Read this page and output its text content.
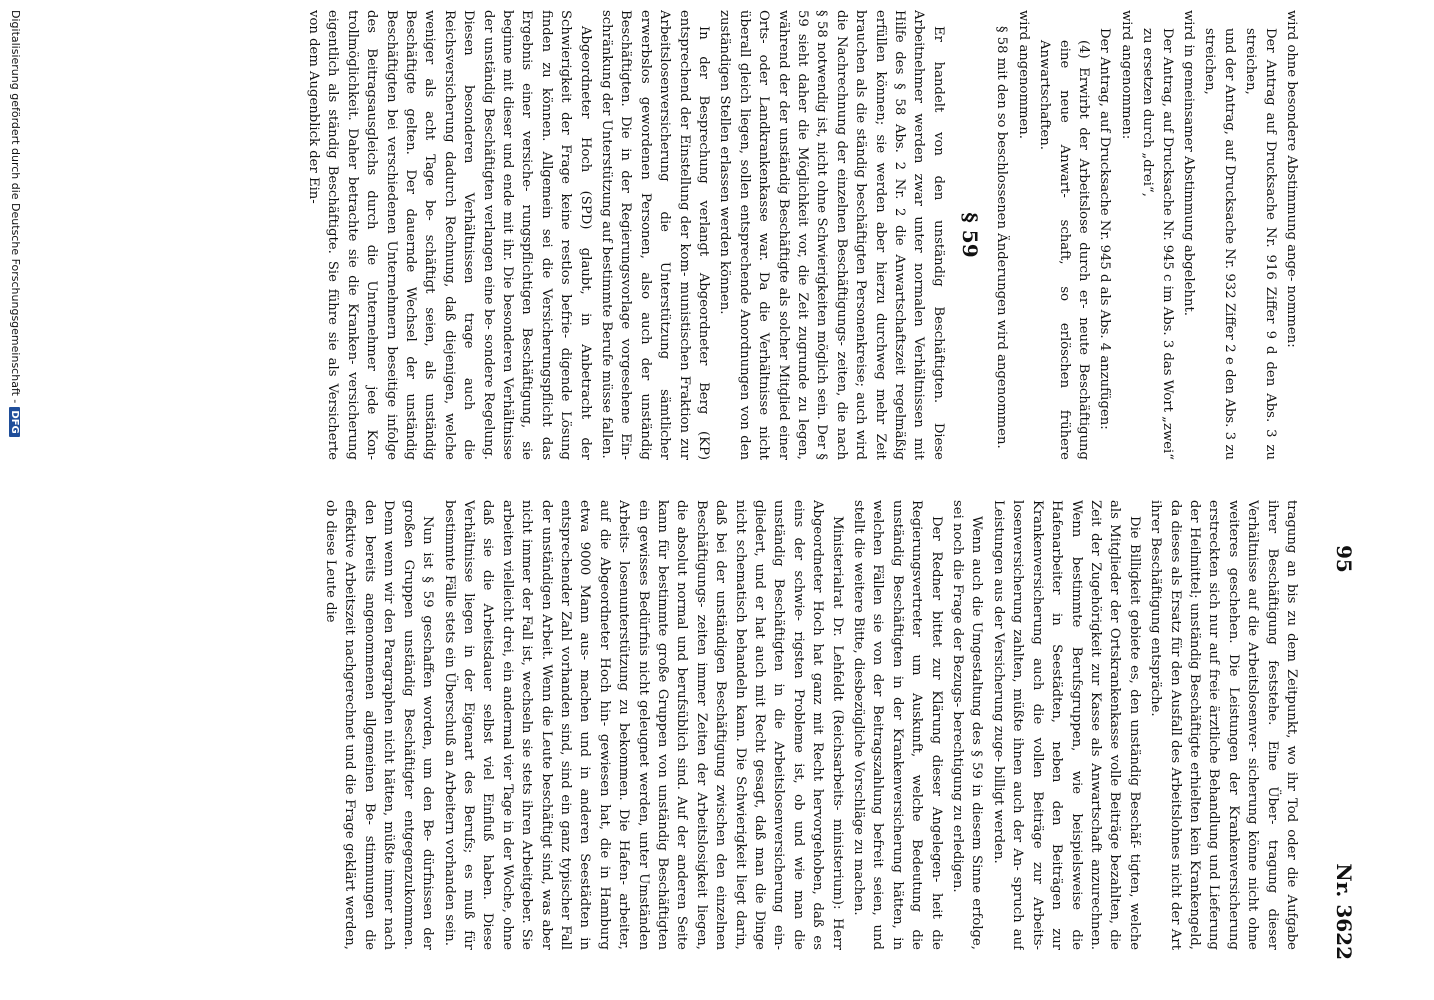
95
Nr. 3622

wird ohne besondere Abstimmung ange- nommen:

Der Antrag auf Drucksache Nr. 916 Ziffer 9 d den Abs. 3 zu streichen,

und der Antrag, auf Drucksache Nr. 932 Ziffer 2 e den Abs. 3 zu streichen,

wird in gemeinsamer Abstimmung abgelehnt.

Der Antrag, auf Drucksache Nr. 945 c im Abs. 3 das Wort „zwei“ zu ersetzen durch „drei“,

wird angenommen:

Der Antrag, auf Drucksache Nr. 945 d als Abs. 4 anzufügen:

(4) Erwirbt der Arbeitslose durch er- neute Beschäftigung eine neue Anwart- schaft, so erlöschen frühere Anwartschaften.

wird angenommen.

§ 58 mit den so beschlossenen Änderungen wird angenommen.

§ 59

Er handelt von den unständig Beschäftigten. Diese Arbeitnehmer werden zwar unter normalen Verhältnissen mit Hilfe des § 58 Abs. 2 Nr. 2 die Anwartschaftszeit regelmäßig erfüllen können; sie werden aber hierzu durchweg mehr Zeit brauchen als die ständig beschäftigten Personenkreise; auch wird die Nachrechnung der einzelnen Beschäftigungs- zeiten, die nach § 58 notwendig ist, nicht ohne Schwierigkeiten möglich sein. Der § 59 sieht daher die Möglichkeit vor, die Zeit zugrunde zu legen, während der der unständig Beschäftigte als solcher Mitglied einer Orts- oder Landkrankenkasse war. Da die Verhältnisse nicht überall gleich liegen, sollen entsprechende Anordnungen von den zuständigen Stellen erlassen werden können.

In der Besprechung verlangt Abgeordneter Berg (KP) entsprechend der Einstellung der kom- munistischen Fraktion zur Arbeitslosenversicherung die Unterstützung sämtlicher erwerbslos gewordenen Personen, also auch der unständig Beschäftigten. Die in der Regierungsvorlage vorgesehene Ein- schränkung der Unterstützung auf bestimmte Berufe müsse fallen.

Abgeordneter Hoch (SPD) glaubt, in Anbetracht der Schwierigkeit der Frage keine restlos befrie- digende Lösung finden zu können. Allgemein sei die Versicherungspflicht das Ergebnis einer versiche- rungspflichtigen Beschäftigung, sie beginne mit dieser und ende mit ihr. Die besonderen Verhältnisse der unständig Beschäftigten verlangen eine be- sondere Regelung. Diesen besonderen Verhältnissen trage auch die Reichsversicherung dadurch Rechnung, daß diejenigen, welche weniger als acht Tage be- schäftigt seien, als unständig Beschäftigte gelten. Der dauernde Wechsel der unständig Beschäftigten bei verschiedenen Unternehmern beseitige infolge des Beitragsausgleichs durch die Unternehmer jede Kon- trollmöglichkeit. Daher betrachte sie die Kranken- versicherung eigentlich als ständig Beschäftigte. Sie führe sie als Versicherte von dem Augenblick der Ein-

tragung an bis zu dem Zeitpunkt, wo ihr Tod oder die Aufgabe ihrer Beschäftigung feststehe. Eine Über- tragung dieser Verhältnisse auf die Arbeitslosenver- sicherung könne nicht ohne weiteres geschehen. Die Leistungen der Krankenversicherung erstreckten sich nur auf freie ärztliche Behandlung und Lieferung der Heilmittel; unständig Beschäftigte erhielten kein Krankengeld, da dieses als Ersatz für den Ausfall des Arbeitslohnes nicht der Art ihrer Beschäftigung entspräche.

Die Billigkeit gebiete es, den unständig Beschäf- tigten, welche als Mitglieder der Ortskrankenkasse volle Beiträge bezahlten, die Zeit der Zugehörigkeit zur Kasse als Anwartschaft anzurechnen. Wenn bestimmte Berufsgruppen, wie beispielsweise die Hafenarbeiter in Seestädten, neben den Beiträgen zur Krankenversicherung auch die vollen Beiträge zur Arbeits- losenversicherung zahlten, müßte ihnen auch der An- spruch auf Leistungen aus der Versicherung zuge- billigt werden.

Wenn auch die Umgestaltung des § 59 in diesem Sinne erfolge, sei noch die Frage der Bezugs- berechtigung zu erledigen.

Der Redner bittet zur Klärung dieser Angelegen- heit die Regierungsvertreter um Auskunft, welche Bedeutung die unständig Beschäftigten in der Krankenversicherung hätten, in welchen Fällen sie von der Beitragszahlung befreit seien, und stellt die weitere Bitte, diesbezügliche Vorschläge zu machen.

Ministerialrat Dr. Lehfeldt (Reichsarbeits- ministerium): Herr Abgeordneter Hoch hat ganz mit Recht hervorgehoben, daß es eins der schwie- rigsten Probleme ist, ob und wie man die unständig Beschäftigten in die Arbeitslosenversicherung ein- gliedert, und er hat auch mit Recht gesagt, daß man die Dinge nicht schematisch behandeln kann. Die Schwierigkeit liegt darin, daß bei der unständigen Beschäftigung zwischen den einzelnen Beschäftigungs- zeiten immer Zeiten der Arbeitslosigkeit liegen, die absolut normal und berufsüblich sind. Auf der anderen Seite kann für bestimmte große Gruppen von unständig Beschäftigten ein gewisses Bedürfnis nicht geleugnet werden, unter Umständen Arbeits- losenunterstützung zu bekommen. Die Hafen- arbeiter, auf die Abgeordneter Hoch hin- gewiesen hat, die in Hamburg etwa 9000 Mann aus- machen und in anderen Seestädten in entsprechender Zahl vorhanden sind, sind ein ganz typischer Fall der unständigen Arbeit. Wenn die Leute beschäftigt sind, was aber nicht immer der Fall ist, wechseln sie stets ihren Arbeitgeber. Sie arbeiten vielleicht drei, ein andermal vier Tage in der Woche, ohne daß sie die Arbeitsdauer selbst viel Einfluß haben. Diese Verhältnisse liegen in der Eigenart des Berufs; es muß für bestimmte Fälle stets ein Überschuß an Arbeitern vorhanden sein.

Nun ist § 59 geschaffen worden, um den Be- dürfnissen der großen Gruppen unständig Beschäftigter entgegenzukommen. Denn wenn wir den Paragraphen nicht hätten, müßte immer nach den bereits angenommenen allgemeinen Be- stimmungen die effektive Arbeitszeit nachgerechnet und die Frage geklärt werden, ob diese Leute die

Digitalisierung gefördert durch die Deutsche Forschungsgemeinschaft -DFG
